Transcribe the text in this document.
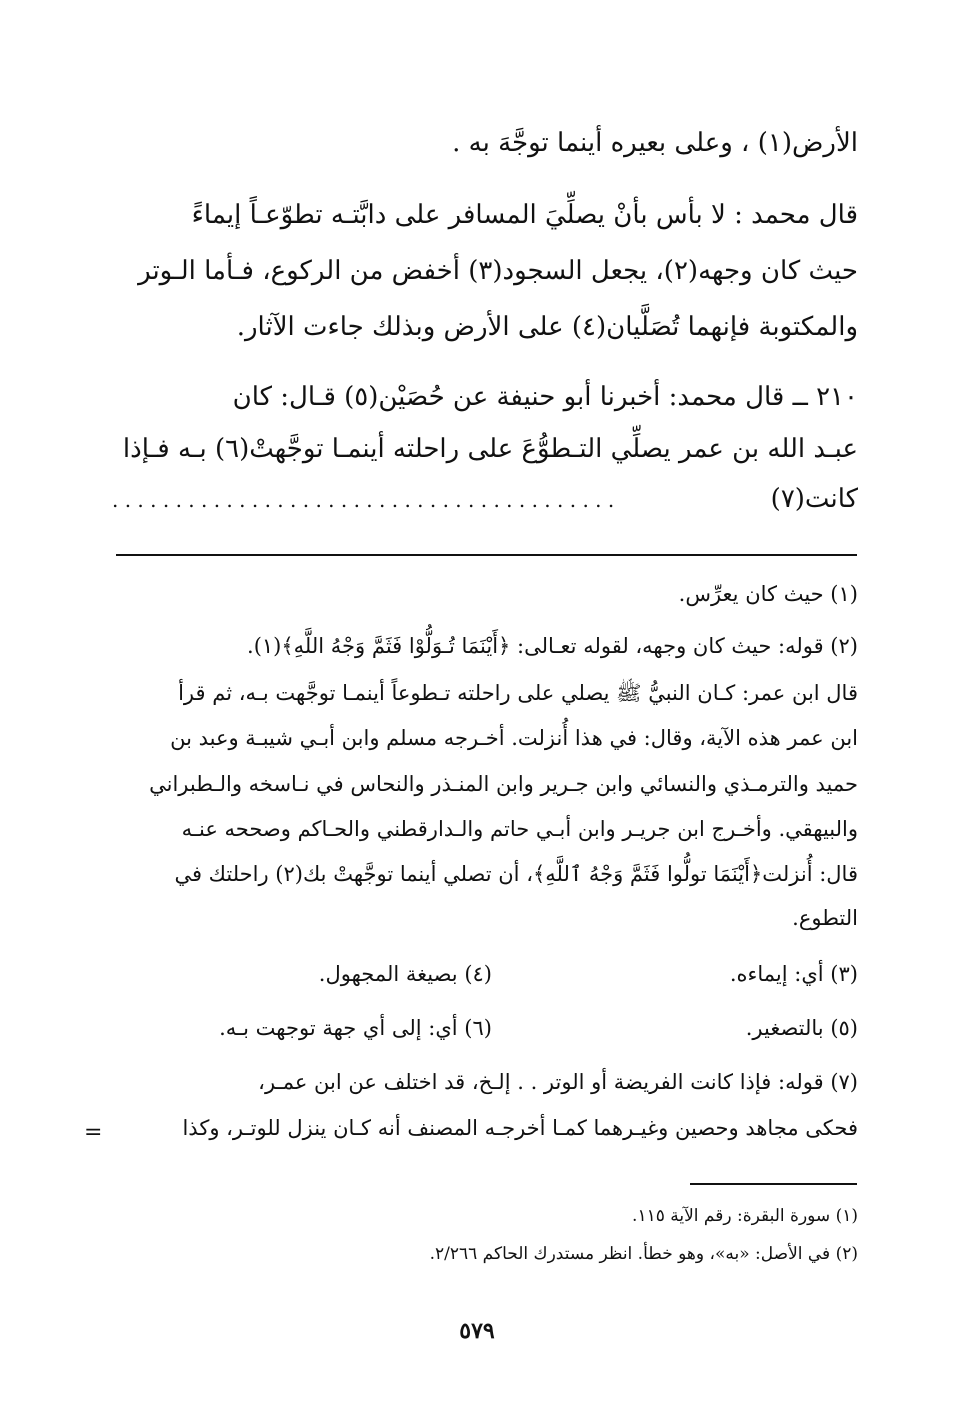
الأرض(١) ، وعلى بعيره أينما توجَّهَ به .
قال محمد : لا بأس بأنْ يصلِّيَ المسافر على دابَّتـه تطوّعـاً إيماءً
حيث كان وجهه(٢)، يجعل السجود(٣) أخفض من الركوع، فـأما الـوتر
والمكتوبة فإنهما تُصَلَّيان(٤) على الأرض وبذلك جاءت الآثار.
٢١٠ ــ قال محمد: أخبرنا أبو حنيفة عن حُصَيْن(٥) قـال: كان
عبـد الله بن عمر يصلِّي التـطوُّعَ على راحلته أينمـا توجَّهتْ(٦) بـه فـإذا
. . . . . . . . . . . . . . . . . . . . . . . . . . . . . . . . . . . . . . . .	كانت(٧)
(١) حيث كان يعرِّس.
(٢) قوله: حيث كان وجهه، لقوله تعـالى: ﴿أَيْنَمَا تُـوَلُّوْا فَثَمَّ وَجْهُ اللَّهِ﴾(١).
قال ابن عمر: كـان النبيُّ ﷺ يصلي على راحلته تـطوعاً أينمـا توجَّهت بـه، ثم قرأ
ابن عمر هذه الآية، وقال: في هذا أُنزلت. أخـرجه مسلم وابن أبـي شيبـة وعبد بن
حميد والترمـذي والنسائي وابن جـرير وابن المنـذر والنحاس في نـاسخه والـطبراني
والبيهقي. وأخـرج ابن جريـر وابن أبـي حاتم والـدارقطني والحـاكم وصححه عنـه
قال: أُنزلت﴿أَيْنَمَا تولُّوا فَثَمَّ وَجْهُ ٱللَّهِ﴾، أن تصلي أينما توجَّهتْ بك(٢) راحلتك في
التطوع.
(٣) أي: إيماءه.
(٤) بصيغة المجهول.
(٥) بالتصغير.
(٦) أي: إلى أي جهة توجهت بـه.
(٧) قوله: فإذا كانت الفريضة أو الوتر . . إلـخ، قد اختلف عن ابن عمـر،
فحكى مجاهد وحصين وغيـرهما كمـا أخرجـه المصنف أنه كـان ينزل للوتـر، وكذا
=
(١) سورة البقرة: رقم الآية ١١٥.
(٢) في الأصل: «به»، وهو خطأ. انظر مستدرك الحاكم ٢/٢٦٦.
٥٧٩
